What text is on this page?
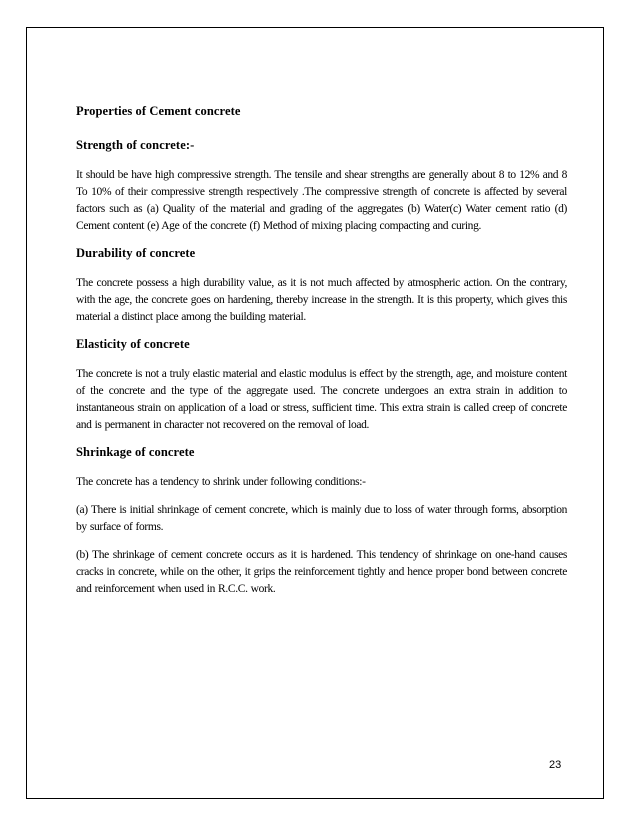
Properties of Cement concrete
Strength of concrete:-

It should be have high compressive strength. The tensile and shear strengths are generally about 8 to 12% and 8 To 10% of their compressive strength respectively .The compressive strength of concrete is affected by several factors such as (a) Quality of the material and grading of the aggregates (b) Water(c) Water cement ratio (d) Cement content (e) Age of the concrete (f) Method of mixing placing compacting and curing.

Durability of concrete

The concrete possess a high durability value, as it is not much affected by atmospheric action. On the contrary, with the age, the concrete goes on hardening, thereby increase in the strength. It is this property, which gives this material a distinct place among the building material.

Elasticity of concrete

The concrete is not a truly elastic material and elastic modulus is effect by the strength, age, and moisture content of the concrete and the type of the aggregate used. The concrete undergoes an extra strain in addition to instantaneous strain on application of a load or stress, sufficient time. This extra strain is called creep of concrete and is permanent in character not recovered on the removal of load.

Shrinkage of concrete

The concrete has a tendency to shrink under following conditions:-

(a) There is initial shrinkage of cement concrete, which is mainly due to loss of water through forms, absorption by surface of forms.

(b) The shrinkage of cement concrete occurs as it is hardened. This tendency of shrinkage on one-hand causes cracks in concrete, while on the other, it grips the reinforcement tightly and hence proper bond between concrete and reinforcement when used in R.C.C. work.

23
